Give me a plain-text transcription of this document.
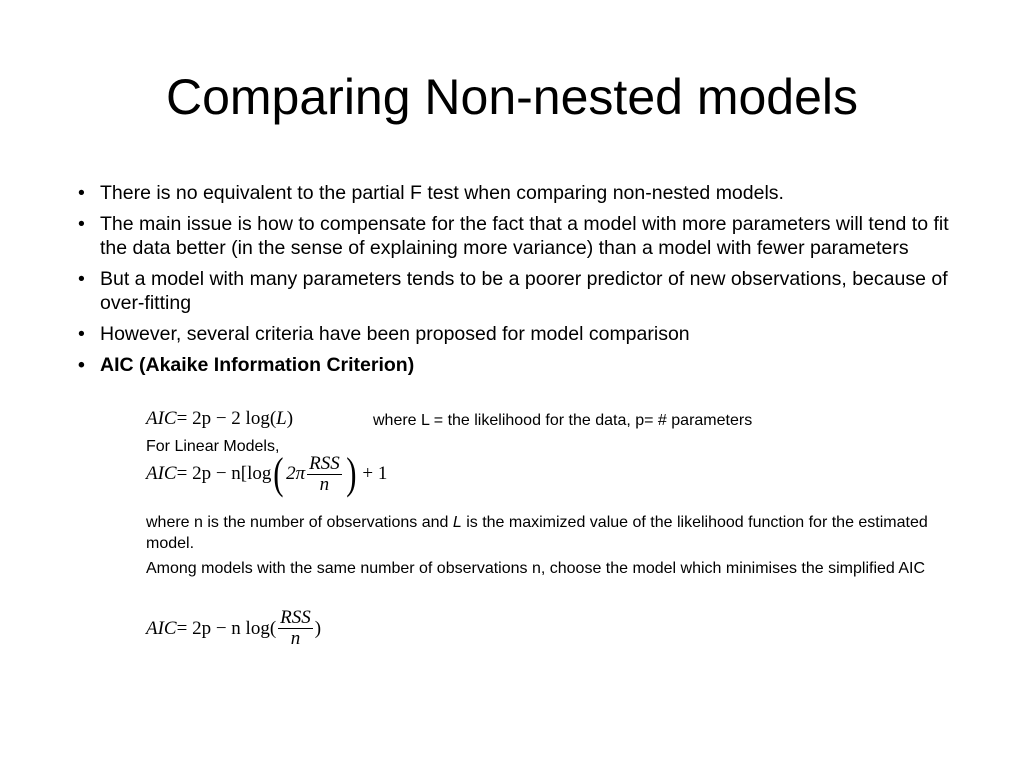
Comparing Non-nested models
• There is no equivalent to the partial F test when comparing non-nested models.
• The main issue is how to compensate for the fact that a model with more parameters will tend to fit the data better (in the sense of explaining more variance) than a model with fewer parameters
• But a model with many parameters tends to be a poorer predictor of new observations, because of over-fitting
• However, several criteria have been proposed for model comparison
• AIC (Akaike Information Criterion)
AIC = 2p − 2 log( L )	where L = the likelihood for the data, p= # parameters
For Linear Models,
AIC = 2p − n[log ( $2\pi \frac{\text{RSS}}{n}$ ) + 1
where n is the number of observations and L is the maximized value of the likelihood function for the estimated model.
Among models with the same number of observations n, choose the model which minimises the simplified AIC
AIC = 2p − n $\log( \frac{\text{RSS}}{n}$ )
